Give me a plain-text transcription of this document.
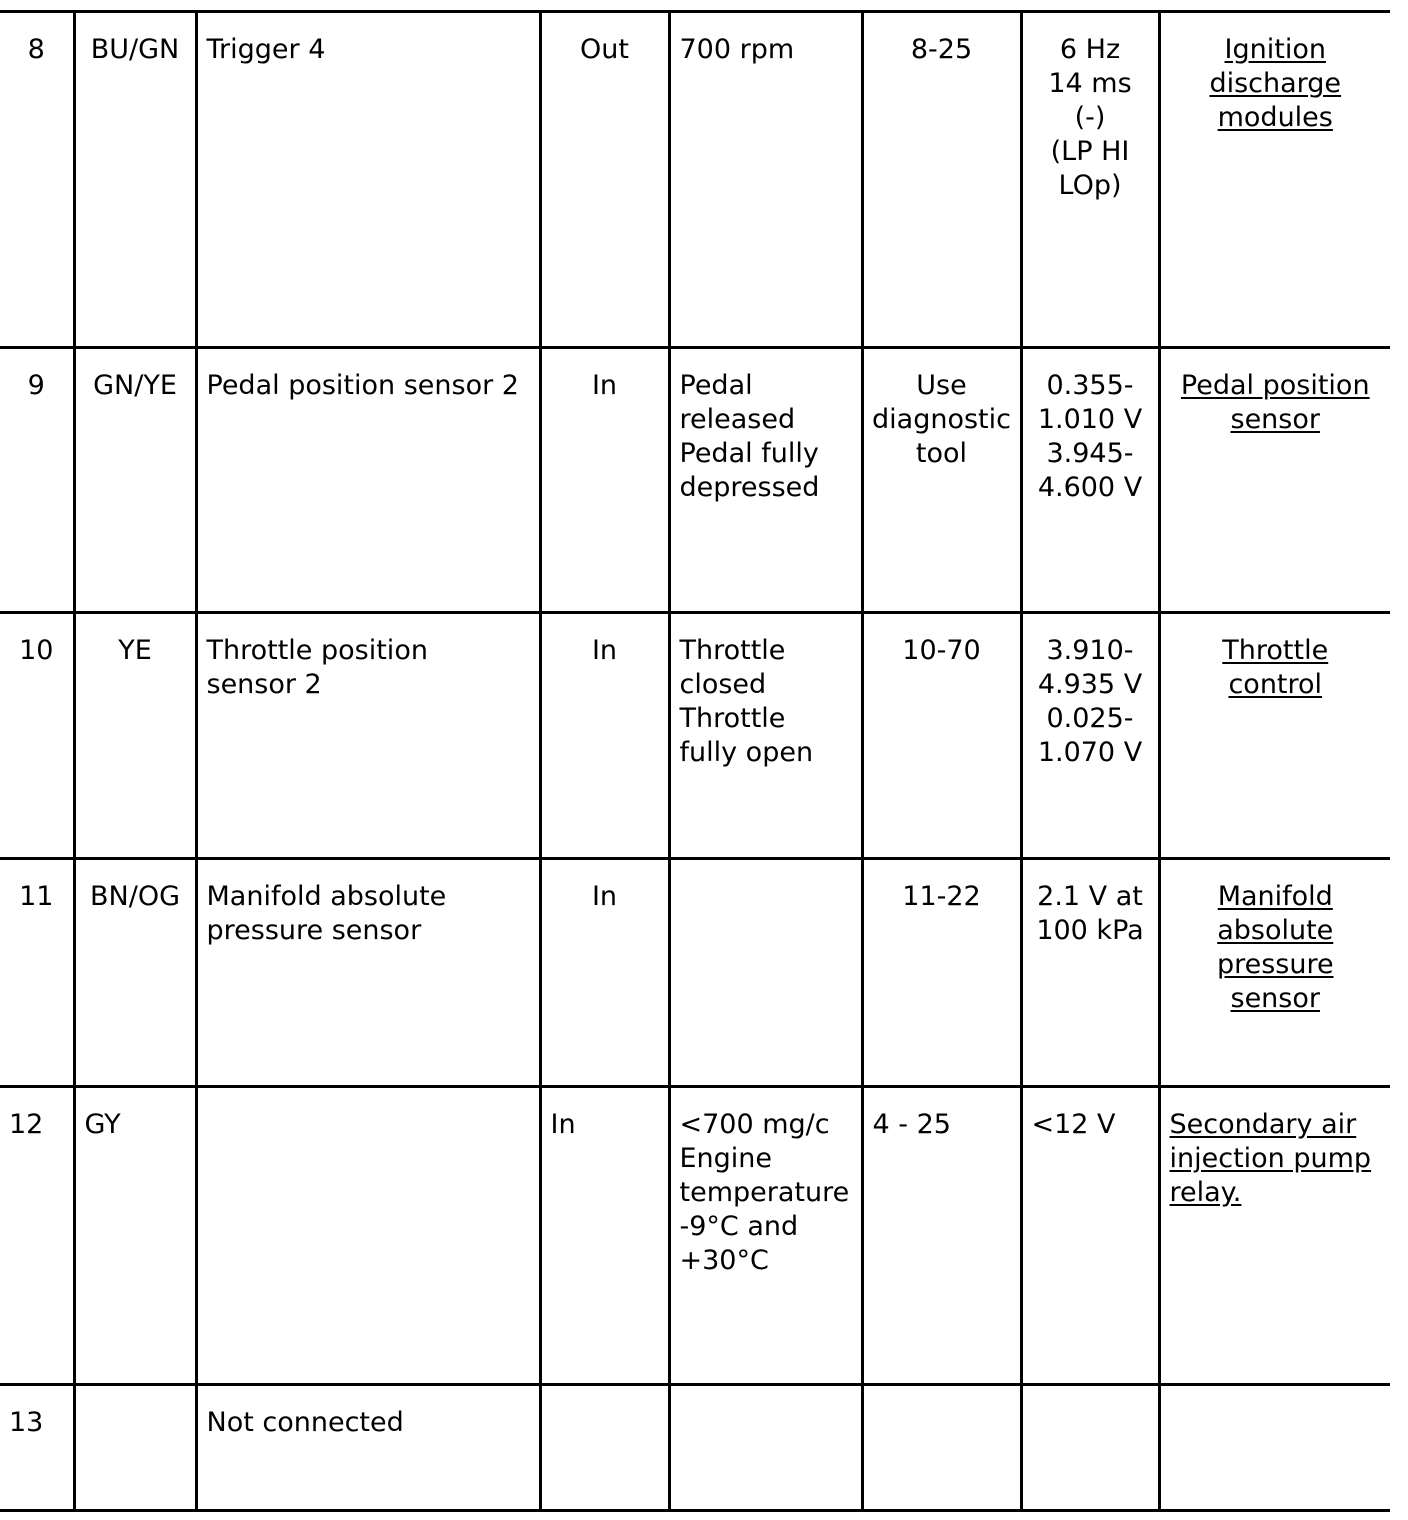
8	BU/GN	Trigger 4	Out	700 rpm	8-25	6 Hz
14 ms
(-)
(LP HI
LOp)	Ignition
discharge
modules

9	GN/YE	Pedal position sensor 2	In	Pedal
released
Pedal fully
depressed	Use
diagnostic
tool	0.355-
1.010 V
3.945-
4.600 V	Pedal position
sensor

10	YE	Throttle position
sensor 2	In	Throttle
closed
Throttle
fully open	10-70	3.910-
4.935 V
0.025-
1.070 V	Throttle
control

11	BN/OG	Manifold absolute
pressure sensor	In		11-22	2.1 V at
100 kPa	Manifold
absolute
pressure
sensor

12	GY		In	<700 mg/c
Engine
temperature
-9°C and
+30°C	4 - 25	<12 V	Secondary air
injection pump
relay.

13		Not connected					
